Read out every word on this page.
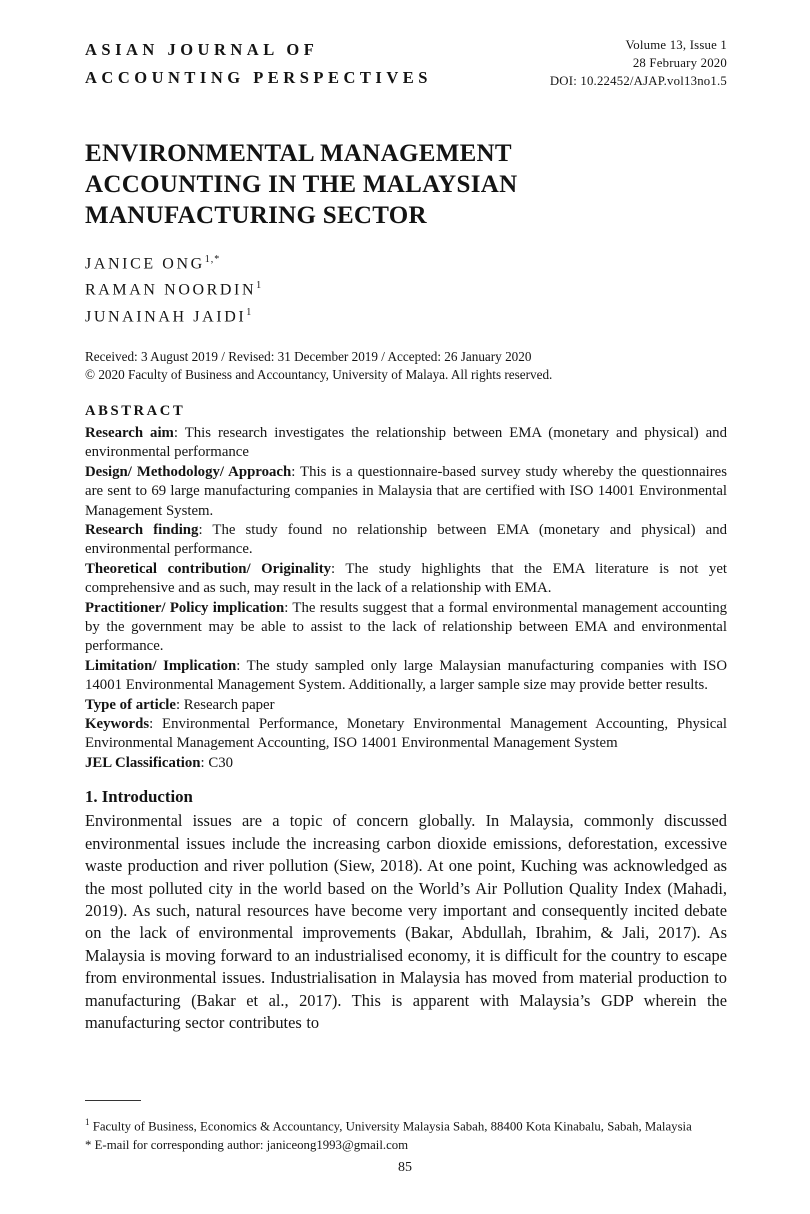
ASIAN JOURNAL OF
ACCOUNTING PERSPECTIVES
Volume 13, Issue 1
28 February 2020
DOI: 10.22452/AJAP.vol13no1.5
ENVIRONMENTAL MANAGEMENT
ACCOUNTING IN THE MALAYSIAN
MANUFACTURING SECTOR
JANICE $ONG^{1,*}$
RAMAN NOORDIN$^1$
JUNAINAH JAIDI$^1$
Received: 3 August 2019 / Revised: 31 December 2019 / Accepted: 26 January 2020
© 2020 Faculty of Business and Accountancy, University of Malaya. All rights reserved.
ABSTRACT

Research aim: This research investigates the relationship between EMA (monetary and physical) and environmental performance

Design/ Methodology/ Approach: This is a questionnaire-based survey study whereby the questionnaires are sent to 69 large manufacturing companies in Malaysia that are certified with ISO 14001 Environmental Management System.

Research finding: The study found no relationship between EMA (monetary and physical) and environmental performance.

Theoretical contribution/ Originality: The study highlights that the EMA literature is not yet comprehensive and as such, may result in the lack of a relationship with EMA.

Practitioner/ Policy implication: The results suggest that a formal environmental management accounting by the government may be able to assist to the lack of relationship between EMA and environmental performance.

Limitation/ Implication: The study sampled only large Malaysian manufacturing companies with ISO 14001 Environmental Management System. Additionally, a larger sample size may provide better results.

Type of article: Research paper

Keywords: Environmental Performance, Monetary Environmental Management Accounting, Physical Environmental Management Accounting, ISO 14001 Environmental Management System

JEL Classification: C30

1. Introduction

Environmental issues are a topic of concern globally. In Malaysia, commonly discussed environmental issues include the increasing carbon dioxide emissions, deforestation, excessive waste production and river pollution (Siew, 2018). At one point, Kuching was acknowledged as the most polluted city in the world based on the World’s Air Pollution Quality Index (Mahadi, 2019). As such, natural resources have become very important and consequently incited debate on the lack of environmental improvements (Bakar, Abdullah, Ibrahim, & Jali, 2017). As Malaysia is moving forward to an industrialised economy, it is difficult for the country to escape from environmental issues. Industrialisation in Malaysia has moved from material production to manufacturing (Bakar et al., 2017). This is apparent with Malaysia’s GDP wherein the manufacturing sector contributes to

$^1$ Faculty of Business, Economics & Accountancy, University Malaysia Sabah, 88400 Kota Kinabalu, Sabah, Malaysia
* E-mail for corresponding author: janiceong1993@gmail.com
85
